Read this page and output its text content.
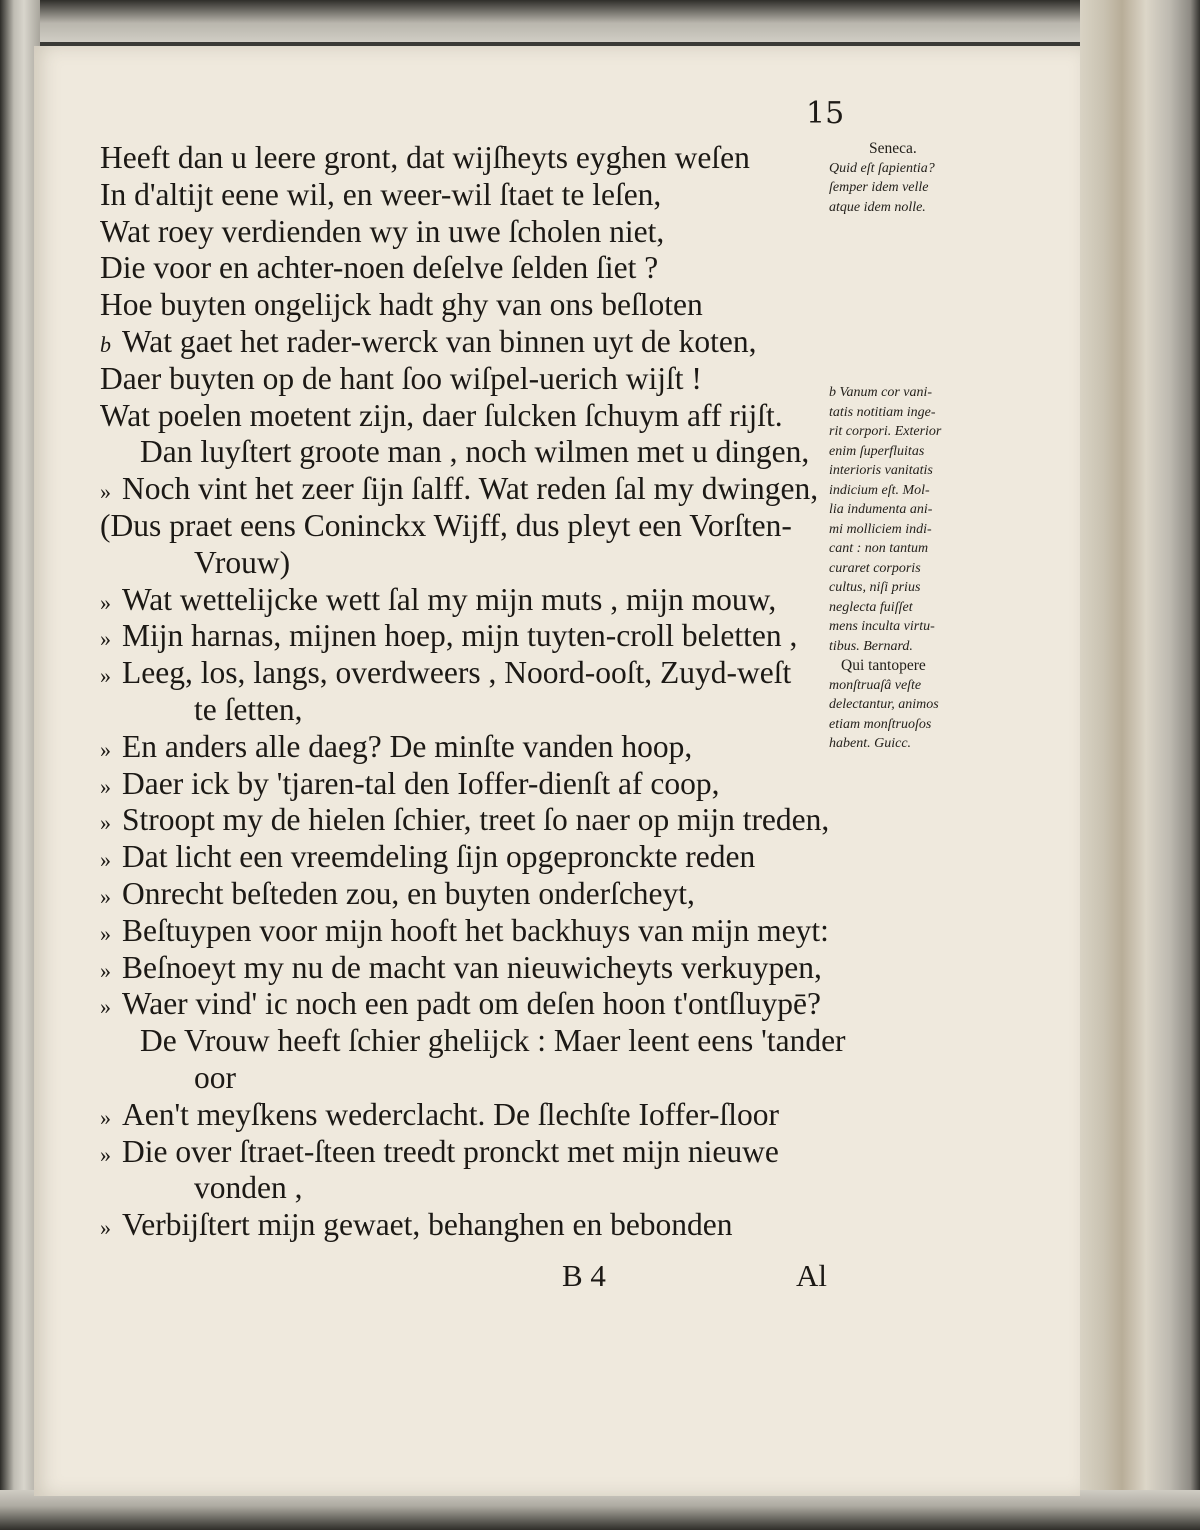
15
Heeft dan u leere gront, dat wijſheyts eyghen weſen
In d'altijt eene wil, en weer-wil ſtaet te leſen,
Wat roey verdienden wy in uwe ſcholen niet,
Die voor en achter-noen deſelve ſelden ſiet ?
Hoe buyten ongelijck hadt ghy van ons beſloten
b Wat gaet het rader-werck van binnen uyt de koten,
Daer buyten op de hant ſoo wiſpel-uerich wijſt !
Wat poelen moetent zijn, daer ſulcken ſchuym aff rijſt.
Dan luyſtert groote man , noch wilmen met u dingen,
» Noch vint het zeer ſijn ſalff. Wat reden ſal my dwingen,
(Dus praet eens Coninckx Wijff, dus pleyt een Vorſten-
Vrouw)
» Wat wettelijcke wett ſal my mijn muts , mijn mouw,
» Mijn harnas, mijnen hoep, mijn tuyten-croll beletten ,
» Leeg, los, langs, overdweers , Noord-ooſt, Zuyd-weſt
te ſetten,
» En anders alle daeg? De minſte vanden hoop,
» Daer ick by 'tjaren-tal den Ioffer-dienſt af coop,
» Stroopt my de hielen ſchier, treet ſo naer op mijn treden,
» Dat licht een vreemdeling ſijn opgepronckte reden
» Onrecht beſteden zou, en buyten onderſcheyt,
» Beſtuypen voor mijn hooft het backhuys van mijn meyt:
» Beſnoeyt my nu de macht van nieuwicheyts verkuypen,
» Waer vind' ic noch een padt om deſen hoon t'ontſluypē?
De Vrouw heeft ſchier ghelijck : Maer leent eens 'tander
oor
» Aen't meyſkens wederclacht. De ſlechſte Ioffer-ſloor
» Die over ſtraet-ſteen treedt pronckt met mijn nieuwe
vonden ,
» Verbijſtert mijn gewaet, behanghen en bebonden
Seneca.
Quid eſt ſapientia?
ſemper idem velle
atque idem nolle.
b Vanum cor vani-
tatis notitiam inge-
rit corpori. Exterior
enim ſuperfluitas
interioris vanitatis
indicium eſt. Mol-
lia indumenta ani-
mi molliciem indi-
cant : non tantum
curaret corporis
cultus, niſi prius
neglecta fuiſſet
mens inculta virtu-
tibus. Bernard.
Qui tantopere
monſtruaſâ veſte
delectantur, animos
etiam monſtruoſos
habent. Guicc.
B 4	Al
